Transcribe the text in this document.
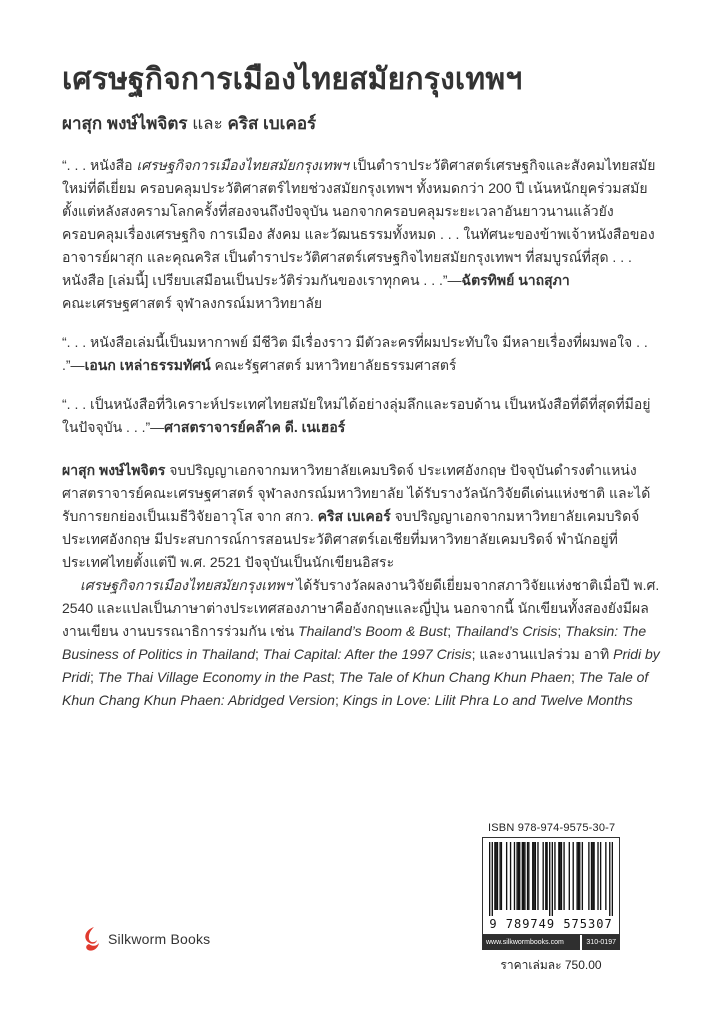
เศรษฐกิจการเมืองไทยสมัยกรุงเทพฯ
ผาสุก พงษ์ไพจิตร และ คริส เบเคอร์

“. . . หนังสือ เศรษฐกิจการเมืองไทยสมัยกรุงเทพฯ เป็นตำราประวัติศาสตร์เศรษฐกิจและสังคมไทยสมัยใหม่ที่ดีเยี่ยม ครอบคลุมประวัติศาสตร์ไทยช่วงสมัยกรุงเทพฯ ทั้งหมดกว่า 200 ปี เน้นหนักยุคร่วมสมัยตั้งแต่หลังสงครามโลกครั้งที่สองจนถึงปัจจุบัน นอกจากครอบคลุมระยะเวลาอันยาวนานแล้วยังครอบคลุมเรื่องเศรษฐกิจ การเมือง สังคม และวัฒนธรรมทั้งหมด . . . ในทัศนะของข้าพเจ้าหนังสือของอาจารย์ผาสุก และคุณคริส เป็นตำราประวัติศาสตร์เศรษฐกิจไทยสมัยกรุงเทพฯ ที่สมบูรณ์ที่สุด . . . หนังสือ [เล่มนี้] เปรียบเสมือนเป็นประวัติร่วมกันของเราทุกคน . . .”—ฉัตรทิพย์ นาถสุภา
คณะเศรษฐศาสตร์ จุฬาลงกรณ์มหาวิทยาลัย

“. . . หนังสือเล่มนี้เป็นมหากาพย์ มีชีวิต มีเรื่องราว มีตัวละครที่ผมประทับใจ มีหลายเรื่องที่ผมพอใจ . . .”—เอนก เหล่าธรรมทัศน์ คณะรัฐศาสตร์ มหาวิทยาลัยธรรมศาสตร์

“. . . เป็นหนังสือที่วิเคราะห์ประเทศไทยสมัยใหม่ได้อย่างลุ่มลึกและรอบด้าน เป็นหนังสือที่ดีที่สุดที่มีอยู่ในปัจจุบัน . . .”—ศาสตราจารย์คล๊าค ดี. เนเฮอร์

ผาสุก พงษ์ไพจิตร จบปริญญาเอกจากมหาวิทยาลัยเคมบริดจ์ ประเทศอังกฤษ ปัจจุบันดำรงตำแหน่งศาสตราจารย์คณะเศรษฐศาสตร์ จุฬาลงกรณ์มหาวิทยาลัย ได้รับรางวัลนักวิจัยดีเด่นแห่งชาติ และได้รับการยกย่องเป็นเมธีวิจัยอาวุโส จาก สกว. คริส เบเคอร์ จบปริญญาเอกจากมหาวิทยาลัยเคมบริดจ์ ประเทศอังกฤษ มีประสบการณ์การสอนประวัติศาสตร์เอเชียที่มหาวิทยาลัยเคมบริดจ์ พำนักอยู่ที่ประเทศไทยตั้งแต่ปี พ.ศ. 2521 ปัจจุบันเป็นนักเขียนอิสระ

เศรษฐกิจการเมืองไทยสมัยกรุงเทพฯ ได้รับรางวัลผลงานวิจัยดีเยี่ยมจากสภาวิจัยแห่งชาติเมื่อปี พ.ศ. 2540 และแปลเป็นภาษาต่างประเทศสองภาษาคืออังกฤษและญี่ปุ่น นอกจากนี้ นักเขียนทั้งสองยังมีผลงานเขียน งานบรรณาธิการร่วมกัน เช่น Thailand’s Boom & Bust; Thailand’s Crisis; Thaksin: The Business of Politics in Thailand; Thai Capital: After the 1997 Crisis; และงานแปลร่วม อาทิ Pridi by Pridi; The Thai Village Economy in the Past; The Tale of Khun Chang Khun Phaen; The Tale of Khun Chang Khun Phaen: Abridged Version; Kings in Love: Lilit Phra Lo and Twelve Months

ISBN 978-974-9575-30-7
9 789749 575307
www.silkwormbooks.com	310-0197
ราคาเล่มละ 750.00
Silkworm Books
